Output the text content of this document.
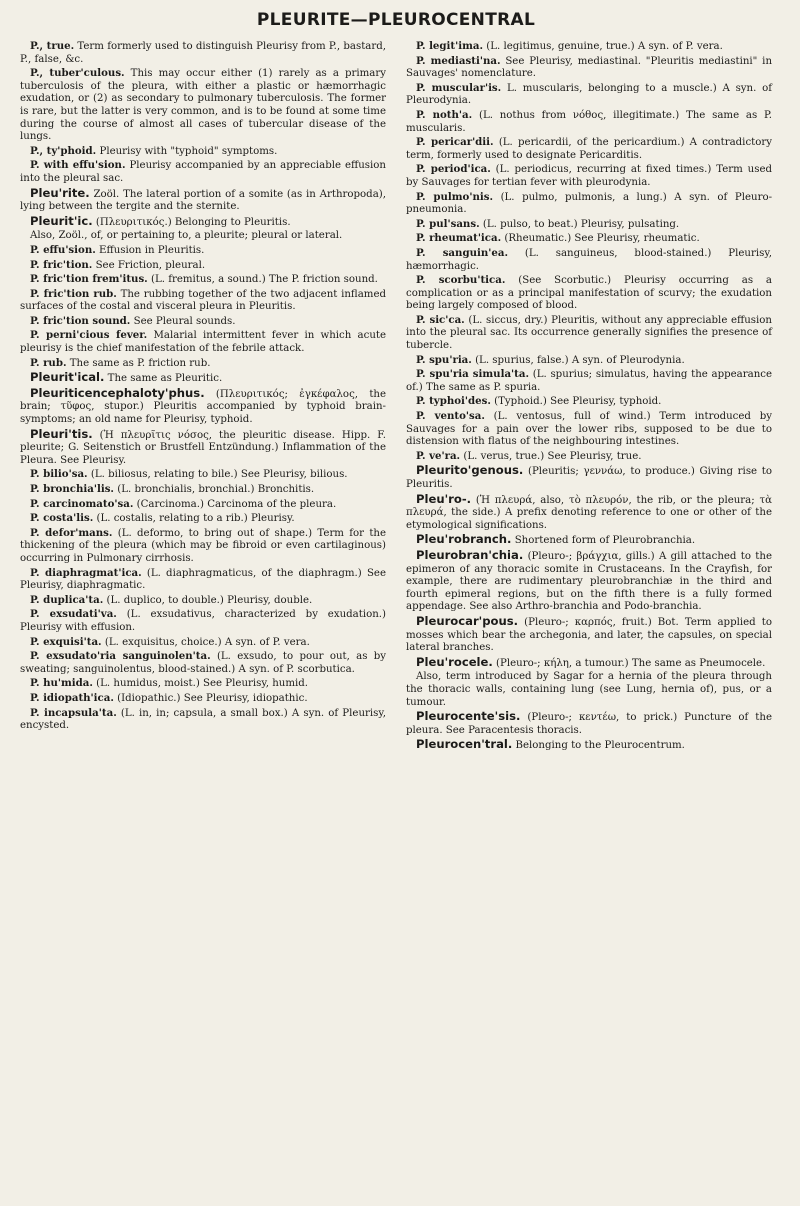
PLEURITE—PLEUROCENTRAL

P., true. Term formerly used to distinguish Pleurisy from P., bastard, P., false, &c.

P., tuber'culous. This may occur either (1) rarely as a primary tuberculosis of the pleura, with either a plastic or hæmorrhagic exudation, or (2) as secondary to pulmonary tuberculosis. The former is rare, but the latter is very common, and is to be found at some time during the course of almost all cases of tubercular disease of the lungs.

P., ty'phoid. Pleurisy with "typhoid" symptoms.

P. with effu'sion. Pleurisy accompanied by an appreciable effusion into the pleural sac.

Pleu'rite. Zoöl. The lateral portion of a somite (as in Arthropoda), lying between the tergite and the sternite.

Pleurit'ic. (Πλευριτικός.) Belonging to Pleuritis.

Also, Zoöl., of, or pertaining to, a pleurite; pleural or lateral.

P. effu'sion. Effusion in Pleuritis.

P. fric'tion. See Friction, pleural.

P. fric'tion frem'itus. (L. fremitus, a sound.) The P. friction sound.

P. fric'tion rub. The rubbing together of the two adjacent inflamed surfaces of the costal and visceral pleura in Pleuritis.

P. fric'tion sound. See Pleural sounds.

P. perni'cious fever. Malarial intermittent fever in which acute pleurisy is the chief manifestation of the febrile attack.

P. rub. The same as P. friction rub.

Pleurit'ical. The same as Pleuritic.

Pleuriticencephaloty'phus. (Πλευριτικός; ἐγκέφαλος, the brain; τῦφος, stupor.) Pleuritis accompanied by typhoid brain-symptoms; an old name for Pleurisy, typhoid.

Pleuri'tis. (Ἡ πλευρῖτις νόσος, the pleuritic disease. Hipp. F. pleurite; G. Seitenstich or Brustfell Entzündung.) Inflammation of the Pleura. See Pleurisy.

P. bilio'sa. (L. biliosus, relating to bile.) See Pleurisy, bilious.

P. bronchia'lis. (L. bronchialis, bronchial.) Bronchitis.

P. carcinomato'sa. (Carcinoma.) Carcinoma of the pleura.

P. costa'lis. (L. costalis, relating to a rib.) Pleurisy.

P. defor'mans. (L. deformo, to bring out of shape.) Term for the thickening of the pleura (which may be fibroid or even cartilaginous) occurring in Pulmonary cirrhosis.

P. diaphragmat'ica. (L. diaphragmaticus, of the diaphragm.) See Pleurisy, diaphragmatic.

P. duplica'ta. (L. duplico, to double.) Pleurisy, double.

P. exsudati'va. (L. exsudativus, characterized by exudation.) Pleurisy with effusion.

P. exquisi'ta. (L. exquisitus, choice.) A syn. of P. vera.

P. exsudato'ria sanguinolen'ta. (L. exsudo, to pour out, as by sweating; sanguinolentus, blood-stained.) A syn. of P. scorbutica.

P. hu'mida. (L. humidus, moist.) See Pleurisy, humid.

P. idiopath'ica. (Idiopathic.) See Pleurisy, idiopathic.

P. incapsula'ta. (L. in, in; capsula, a small box.) A syn. of Pleurisy, encysted.

P. legit'ima. (L. legitimus, genuine, true.) A syn. of P. vera.

P. mediasti'na. See Pleurisy, mediastinal. "Pleuritis mediastini" in Sauvages' nomenclature.

P. muscular'is. L. muscularis, belonging to a muscle.) A syn. of Pleurodynia.

P. noth'a. (L. nothus from νόθος, illegitimate.) The same as P. muscularis.

P. pericar'dii. (L. pericardii, of the pericardium.) A contradictory term, formerly used to designate Pericarditis.

P. period'ica. (L. periodicus, recurring at fixed times.) Term used by Sauvages for tertian fever with pleurodynia.

P. pulmo'nis. (L. pulmo, pulmonis, a lung.) A syn. of Pleuro-pneumonia.

P. pul'sans. (L. pulso, to beat.) Pleurisy, pulsating.

P. rheumat'ica. (Rheumatic.) See Pleurisy, rheumatic.

P. sanguin'ea. (L. sanguineus, blood-stained.) Pleurisy, hæmorrhagic.

P. scorbu'tica. (See Scorbutic.) Pleurisy occurring as a complication or as a principal manifestation of scurvy; the exudation being largely composed of blood.

P. sic'ca. (L. siccus, dry.) Pleuritis, without any appreciable effusion into the pleural sac. Its occurrence generally signifies the presence of tubercle.

P. spu'ria. (L. spurius, false.) A syn. of Pleurodynia.

P. spu'ria simula'ta. (L. spurius; simulatus, having the appearance of.) The same as P. spuria.

P. typhoi'des. (Typhoid.) See Pleurisy, typhoid.

P. vento'sa. (L. ventosus, full of wind.) Term introduced by Sauvages for a pain over the lower ribs, supposed to be due to distension with flatus of the neighbouring intestines.

P. ve'ra. (L. verus, true.) See Pleurisy, true.

Pleurito'genous. (Pleuritis; γεννάω, to produce.) Giving rise to Pleuritis.

Pleu'ro-. (Ἡ πλευρά, also, τὸ πλευρόν, the rib, or the pleura; τὰ πλευρά, the side.) A prefix denoting reference to one or other of the etymological significations.

Pleu'robranch. Shortened form of Pleurobranchia.

Pleurobran'chia. (Pleuro-; βράγχια, gills.) A gill attached to the epimeron of any thoracic somite in Crustaceans. In the Crayfish, for example, there are rudimentary pleurobranchiæ in the third and fourth epimeral regions, but on the fifth there is a fully formed appendage. See also Arthro-branchia and Podo-branchia.

Pleurocar'pous. (Pleuro-; καρπός, fruit.) Bot. Term applied to mosses which bear the archegonia, and later, the capsules, on special lateral branches.

Pleu'rocele. (Pleuro-; κήλη, a tumour.) The same as Pneumocele.

Also, term introduced by Sagar for a hernia of the pleura through the thoracic walls, containing lung (see Lung, hernia of), pus, or a tumour.

Pleurocente'sis. (Pleuro-; κεντέω, to prick.) Puncture of the pleura. See Paracentesis thoracis.

Pleurocen'tral. Belonging to the Pleurocentrum.
